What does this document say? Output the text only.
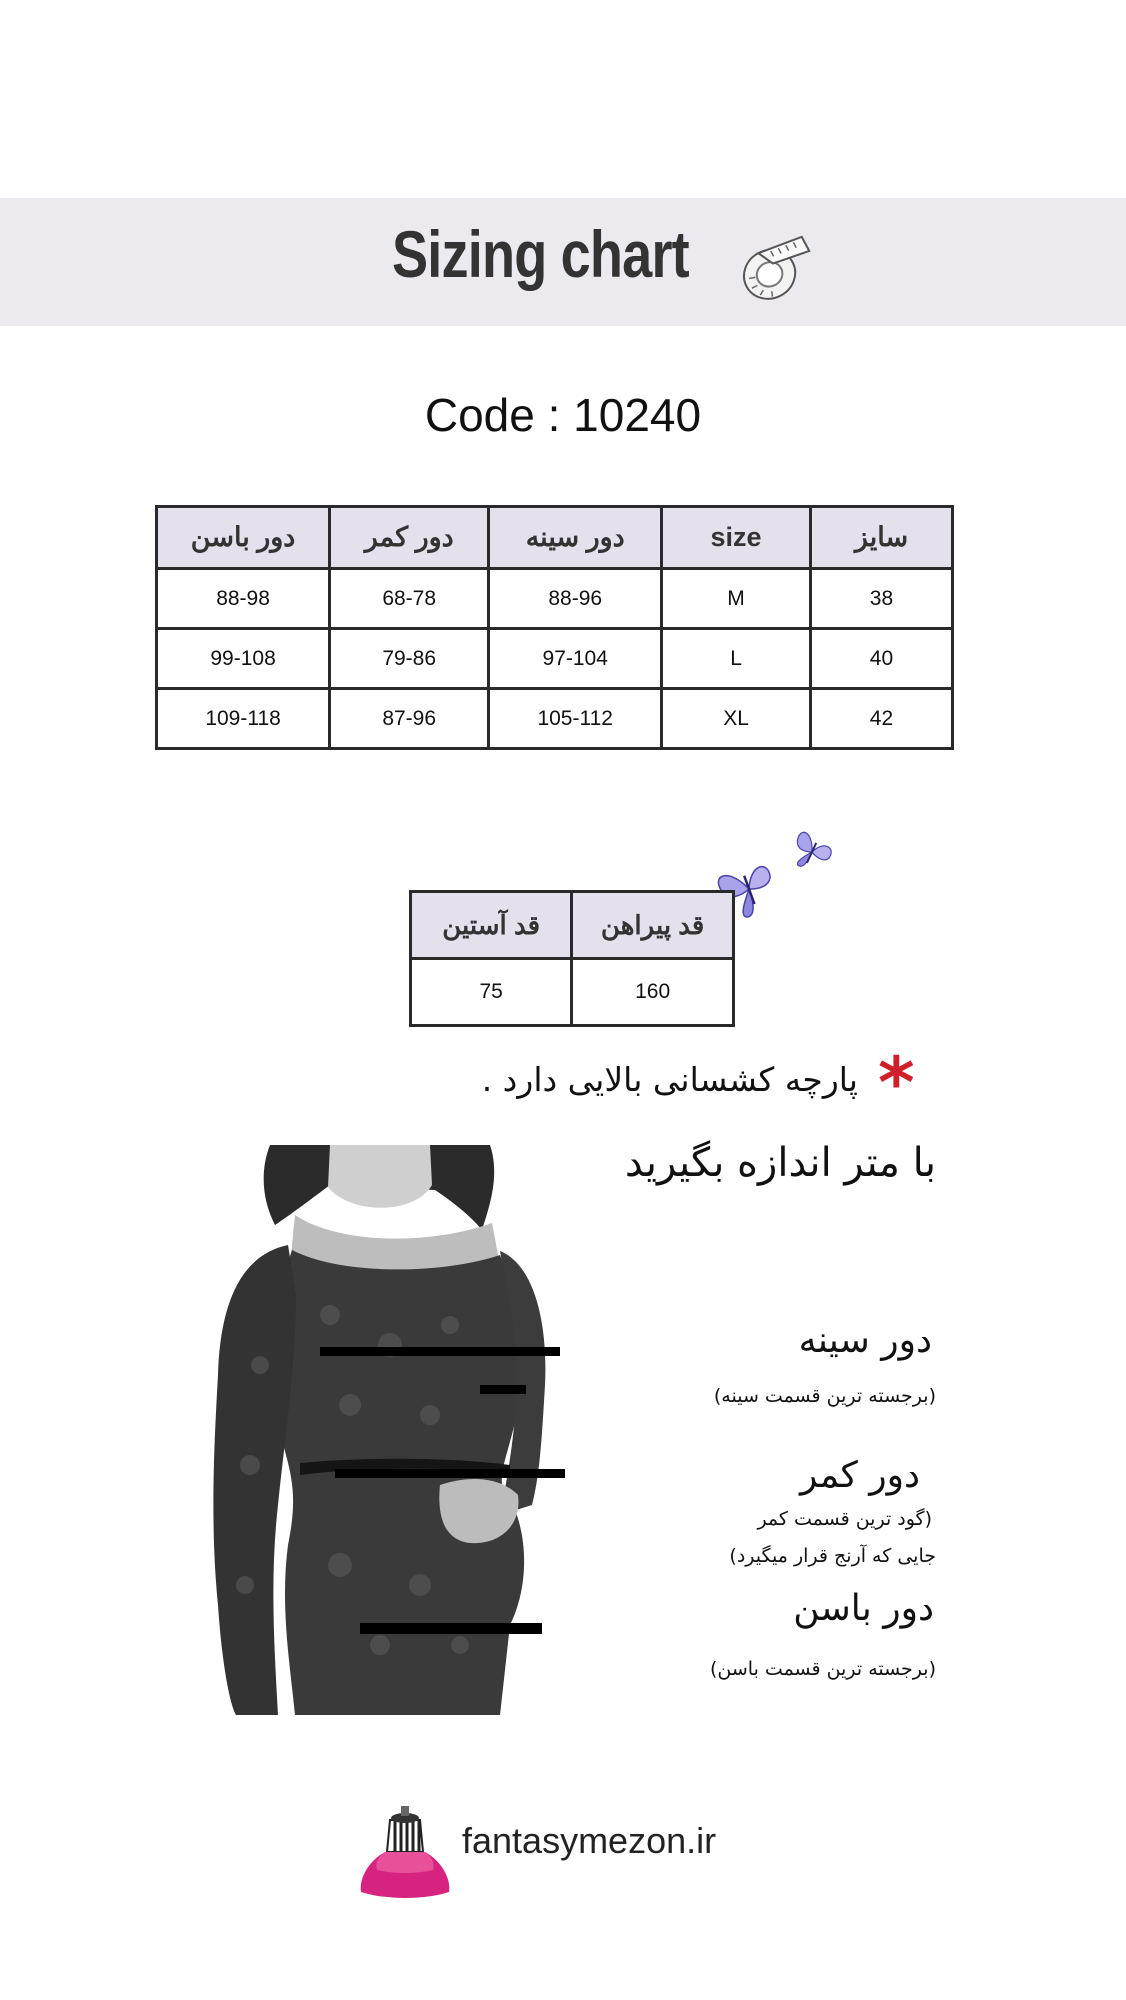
Sizing chart
Code : 10240
دور باسن	دور کمر	دور سینه	size	سایز
88-98	68-78	88-96	M	38
99-108	79-86	97-104	L	40
109-118	87-96	105-112	XL	42
قد آستین	قد پیراهن
75	160
*
پارچه کشسانی بالایی دارد .
با متر اندازه بگیرید
دور سینه
(برجسته ترین قسمت سینه)
دور کمر
(گود ترین قسمت کمر
جایی که آرنج قرار میگیرد)
دور باسن
(برجسته ترین قسمت باسن)
fantasymezon.ir
